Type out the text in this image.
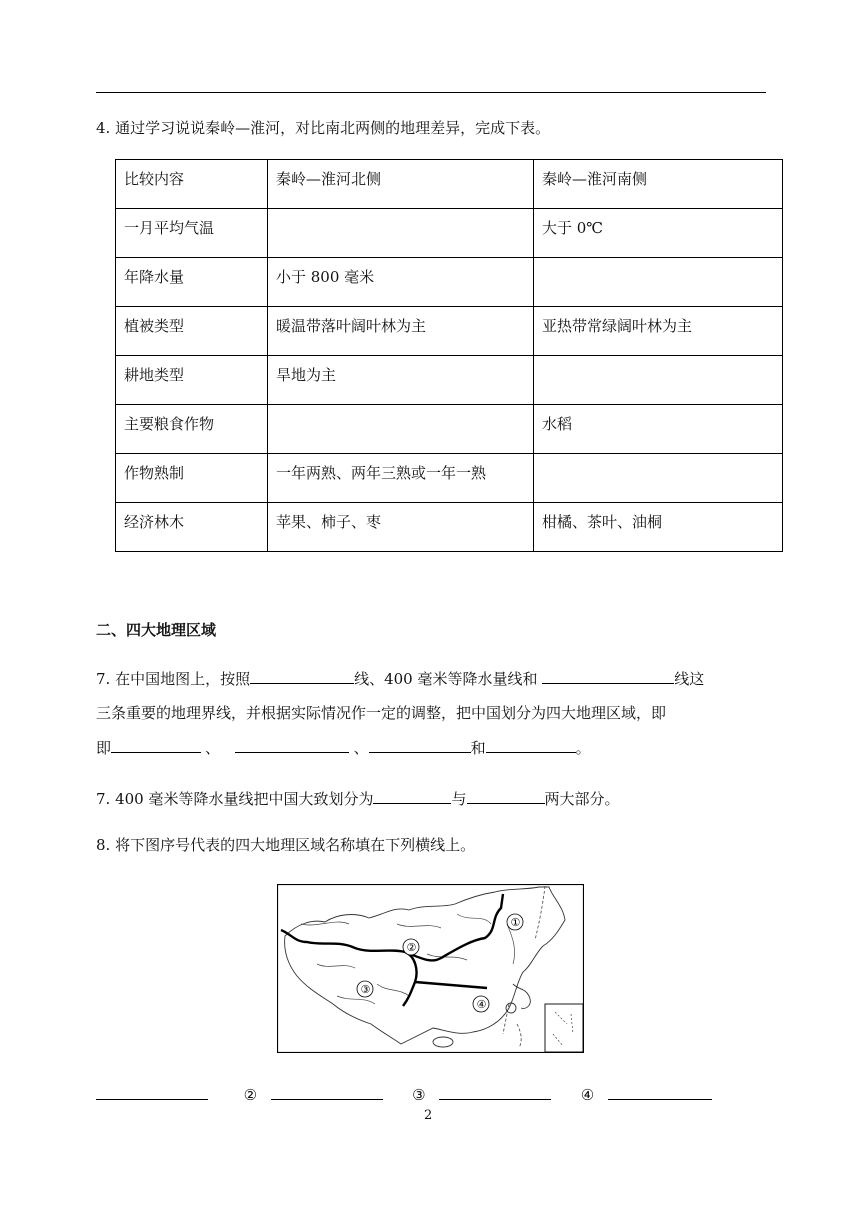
4. 通过学习说说秦岭—淮河，对比南北两侧的地理差异，完成下表。
比较内容	秦岭—淮河北侧	秦岭—淮河南侧
一月平均气温		大于 0℃
年降水量	小于 800 毫米	
植被类型	暖温带落叶阔叶林为主	亚热带常绿阔叶林为主
耕地类型	旱地为主	
主要粮食作物		水稻
作物熟制	一年两熟、两年三熟或一年一熟	
经济林木	苹果、柿子、枣	柑橘、茶叶、油桐
二、四大地理区域
7. 在中国地图上，按照	线、400 毫米等降水量线和	线这
三条重要的地理界线，并根据实际情况作一定的调整，把中国划分为四大地理区域，即
即	、	、	和	。
7. 400 毫米等降水量线把中国大致划分为	与	两大部分。
8. 将下图序号代表的四大地理区域名称填在下列横线上。
①
②
③
④
②	③	④
2
